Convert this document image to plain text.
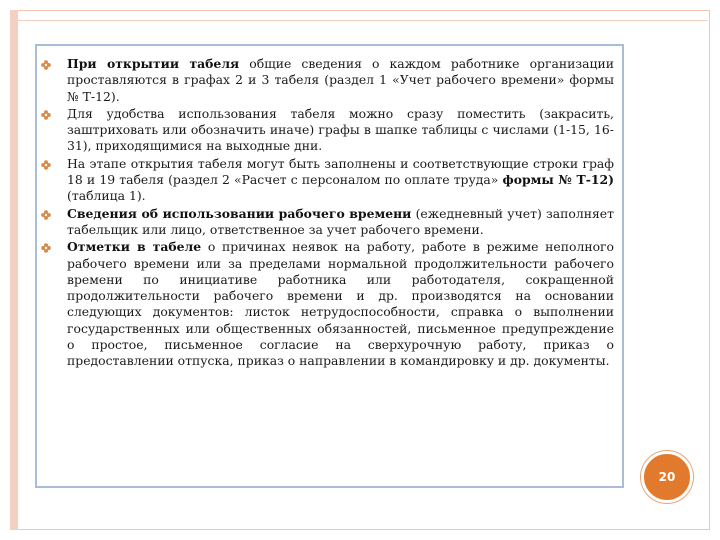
При открытии табеля общие сведения о каждом работнике организации проставляются в графах 2 и 3 табеля (раздел 1 «Учет рабочего времени» формы № Т-12).
Для удобства использования табеля можно сразу поместить (закрасить, заштриховать или обозначить иначе) графы в шапке таблицы с числами (1-15, 16-31), приходящимися на выходные дни.
На этапе открытия табеля могут быть заполнены и соответствующие строки граф 18 и 19 табеля (раздел 2 «Расчет с персоналом по оплате труда» формы № Т-12) (таблица 1).
Сведения об использовании рабочего времени (ежедневный учет) заполняет табельщик или лицо, ответственное за учет рабочего времени.
Отметки в табеле о причинах неявок на работу, работе в режиме неполного рабочего времени или за пределами нормальной продолжительности рабочего времени по инициативе работника или работодателя, сокращенной продолжительности рабочего времени и др. производятся на основании следующих документов: листок нетрудоспособности, справка о выполнении государственных или общественных обязанностей, письменное предупреждение о простое, письменное согласие на сверхурочную работу, приказ о предоставлении отпуска, приказ о направлении в командировку и др. документы.
20
